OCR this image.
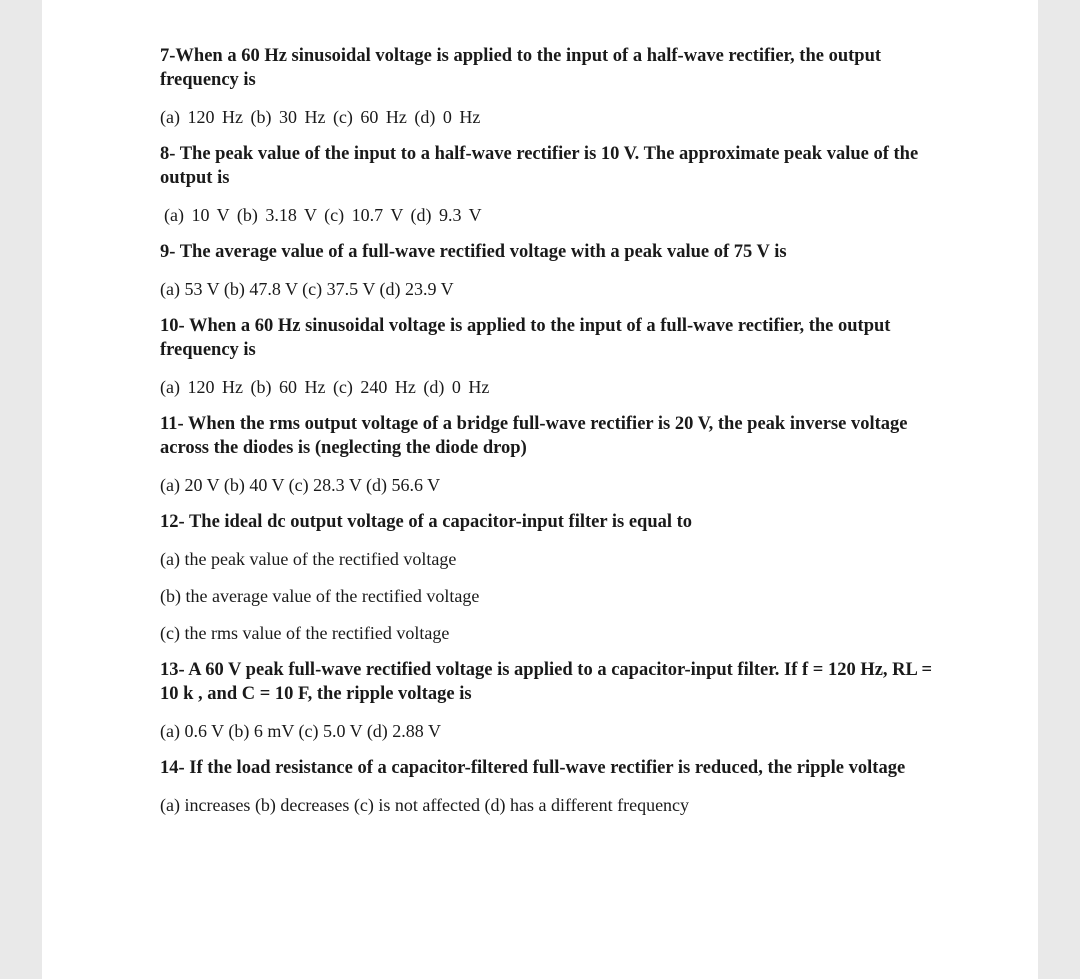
7-When a 60 Hz sinusoidal voltage is applied to the input of a half-wave rectifier, the output frequency is

(a) 120 Hz (b) 30 Hz (c) 60 Hz (d) 0 Hz

8- The peak value of the input to a half-wave rectifier is 10 V. The approximate peak value of the output is

(a) 10 V (b) 3.18 V (c) 10.7 V (d) 9.3 V

9- The average value of a full-wave rectified voltage with a peak value of 75 V is

(a) 53 V (b) 47.8 V (c) 37.5 V (d) 23.9 V

10- When a 60 Hz sinusoidal voltage is applied to the input of a full-wave rectifier, the output frequency is

(a) 120 Hz (b) 60 Hz (c) 240 Hz (d) 0 Hz

11- When the rms output voltage of a bridge full-wave rectifier is 20 V, the peak inverse voltage across the diodes is (neglecting the diode drop)

(a) 20 V (b) 40 V (c) 28.3 V (d) 56.6 V

12- The ideal dc output voltage of a capacitor-input filter is equal to

(a) the peak value of the rectified voltage

(b) the average value of the rectified voltage

(c) the rms value of the rectified voltage

13- A 60 V peak full-wave rectified voltage is applied to a capacitor-input filter. If f = 120 Hz, RL = 10 k , and C = 10 F, the ripple voltage is

(a) 0.6 V (b) 6 mV (c) 5.0 V (d) 2.88 V

14- If the load resistance of a capacitor-filtered full-wave rectifier is reduced, the ripple voltage

(a) increases (b) decreases (c) is not affected (d) has a different frequency
